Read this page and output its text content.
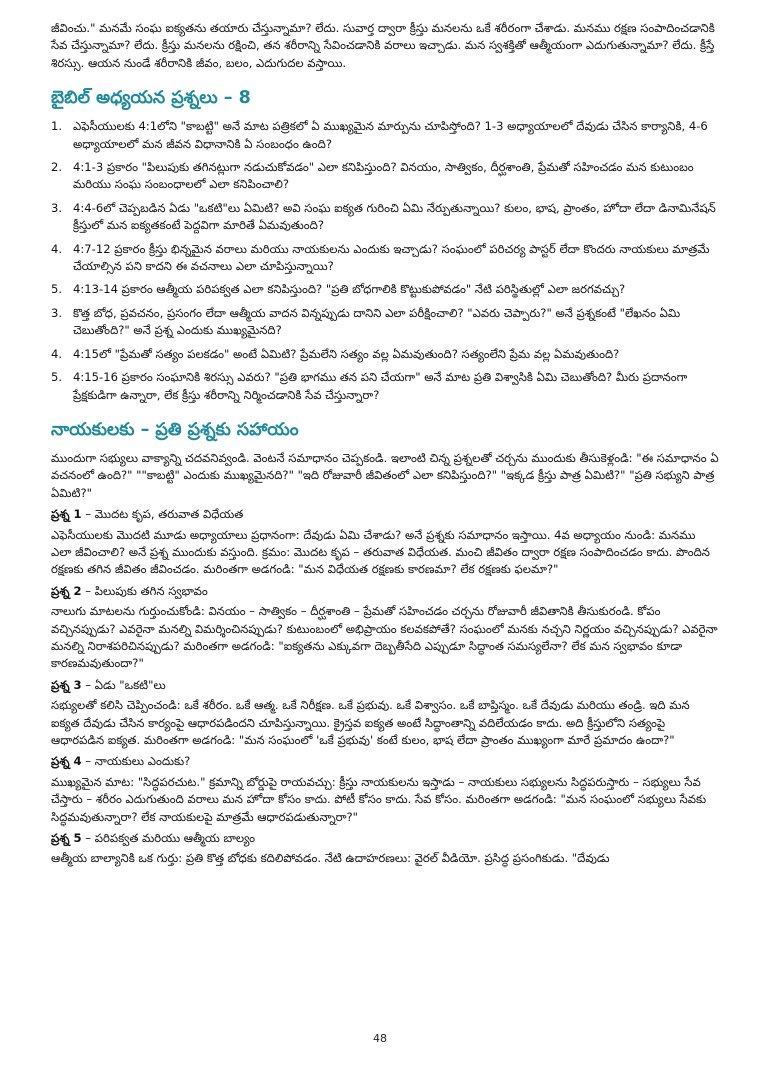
జీవించు." మనమే సంఘ ఐక్యతను తయారు చేస్తున్నామా? లేదు. సువార్త ద్వారా క్రీస్తు మనలను ఒకే శరీరంగా చేశాడు. మనము రక్షణ సంపాదించడానికి సేవ చేస్తున్నామా? లేదు. క్రీస్తు మనలను రక్షించి, తన శరీరాన్ని సేవించడానికి వరాలు ఇచ్చాడు. మన స్వశక్తితో ఆత్మీయంగా ఎదుగుతున్నామా? లేదు. క్రీస్తే శిరస్సు. ఆయన నుండే శరీరానికి జీవం, బలం, ఎదుగుదల వస్తాయి.

బైబిల్ అధ్యయన ప్రశ్నలు – 8
1. ఎఫెసీయులకు 4:1లోని "కాబట్టి" అనే మాట పత్రికలో ఏ ముఖ్యమైన మార్పును చూపిస్తోంది? 1-3 అధ్యాయాలలో దేవుడు చేసిన కార్యానికి, 4-6 అధ్యాయాలలో మన జీవన విధానానికి ఏ సంబంధం ఉంది?
2. 4:1-3 ప్రకారం "పిలుపుకు తగినట్లుగా నడుచుకోవడం" ఎలా కనిపిస్తుంది? వినయం, సాత్వికం, దీర్ఘశాంతి, ప్రేమతో సహించడం మన కుటుంబం మరియు సంఘ సంబంధాలలో ఎలా కనిపించాలి?
3. 4:4-6లో చెప్పబడిన ఏడు "ఒకటి"లు ఏమిటి? అవి సంఘ ఐక్యత గురించి ఏమి నేర్పుతున్నాయి? కులం, భాష, ప్రాంతం, హోదా లేదా డినామినేషన్ క్రీస్తులో మన ఐక్యతకంటే పెద్దవిగా మారితే ఏమవుతుంది?
4. 4:7-12 ప్రకారం క్రీస్తు భిన్నమైన వరాలు మరియు నాయకులను ఎందుకు ఇచ్చాడు? సంఘంలో పరిచర్య పాస్టర్ లేదా కొందరు నాయకులు మాత్రమే చేయాల్సిన పని కాదని ఈ వచనాలు ఎలా చూపిస్తున్నాయి?
5. 4:13-14 ప్రకారం ఆత్మీయ పరిపక్వత ఎలా కనిపిస్తుంది? "ప్రతి బోధగాలికి కొట్టుకుపోవడం" నేటి పరిస్థితుల్లో ఎలా జరగవచ్చు?
3. కొత్త బోధ, ప్రవచనం, ప్రసంగం లేదా ఆత్మీయ వాదన విన్నప్పుడు దానిని ఎలా పరీక్షించాలి? "ఎవరు చెప్పారు?" అనే ప్రశ్నకంటే "లేఖనం ఏమి చెబుతోంది?" అనే ప్రశ్న ఎందుకు ముఖ్యమైనది?
4. 4:15లో "ప్రేమతో సత్యం పలకడం" అంటే ఏమిటి? ప్రేమలేని సత్యం వల్ల ఏమవుతుంది? సత్యంలేని ప్రేమ వల్ల ఏమవుతుంది?
5. 4:15-16 ప్రకారం సంఘానికి శిరస్సు ఎవరు? "ప్రతి భాగము తన పని చేయగా" అనే మాట ప్రతి విశ్వాసికి ఏమి చెబుతోంది? మీరు ప్రదానంగా ప్రేక్షకుడిగా ఉన్నారా, లేక క్రీస్తు శరీరాన్ని నిర్మించడానికి సేవ చేస్తున్నారా?
నాయకులకు – ప్రతి ప్రశ్నకు సహాయం

ముందుగా సభ్యులు వాక్యాన్ని చదవనివ్వండి. వెంటనే సమాధానం చెప్పకండి. ఇలాంటి చిన్న ప్రశ్నలతో చర్చను ముందుకు తీసుకెళ్లండి: "ఈ సమాధానం ఏ వచనంలో ఉంది?" ""కాబట్టి" ఎందుకు ముఖ్యమైనది?" "ఇది రోజువారీ జీవితంలో ఎలా కనిపిస్తుంది?" "ఇక్కడ క్రీస్తు పాత్ర ఏమిటి?" "ప్రతి సభ్యుని పాత్ర ఏమిటి?"

ప్రశ్న 1 – మొదట కృప, తరువాత విధేయత

ఎఫెసీయులకు మొదటి మూడు అధ్యాయాలు ప్రధానంగా: దేవుడు ఏమి చేశాడు? అనే ప్రశ్నకు సమాధానం ఇస్తాయి. 4వ అధ్యాయం నుండి: మనము ఎలా జీవించాలి? అనే ప్రశ్న ముందుకు వస్తుంది. క్రమం: మొదట కృప – తరువాత విధేయత. మంచి జీవితం ద్వారా రక్షణ సంపాదించడం కాదు. పొందిన రక్షణకు తగిన జీవితం జీవించడం. మరింతగా అడగండి: "మన విధేయత రక్షణకు కారణమా? లేక రక్షణకు ఫలమా?"

ప్రశ్న 2 – పిలుపుకు తగిన స్వభావం

నాలుగు మాటలను గుర్తుంచుకోండి: వినయం – సాత్వికం – దీర్ఘశాంతి – ప్రేమతో సహించడం చర్చను రోజువారీ జీవితానికి తీసుకురండి. కోపం వచ్చినప్పుడు? ఎవరైనా మనల్ని విమర్శించినప్పుడు? కుటుంబంలో అభిప్రాయం కలవకపోతే? సంఘంలో మనకు నచ్చని నిర్ణయం వచ్చినప్పుడు? ఎవరైనా మనల్ని నిరాశపరిచినప్పుడు? మరింతగా అడగండి: "ఐక్యతను ఎక్కువగా దెబ్బతీసేది ఎప్పుడూ సిద్ధాంత సమస్యలేనా? లేక మన స్వభావం కూడా కారణమవుతుందా?"

ప్రశ్న 3 – ఏడు "ఒకటి"లు

సభ్యులతో కలిసి చెప్పించండి: ఒకే శరీరం. ఒకే ఆత్మ. ఒకే నిరీక్షణ. ఒకే ప్రభువు. ఒకే విశ్వాసం. ఒకే బాప్తిస్మం. ఒకే దేవుడు మరియు తండ్రి. ఇది మన ఐక్యత దేవుడు చేసిన కార్యంపై ఆధారపడిందని చూపిస్తున్నాయి. క్రైస్తవ ఐక్యత అంటే సిద్ధాంతాన్ని వదిలేయడం కాదు. అది క్రీస్తులోని సత్యంపై ఆధారపడిన ఐక్యత. మరింతగా అడగండి: "మన సంఘంలో 'ఒకే ప్రభువు' కంటే కులం, భాష లేదా ప్రాంతం ముఖ్యంగా మారే ప్రమాదం ఉందా?"

ప్రశ్న 4 – నాయకులు ఎందుకు?

ముఖ్యమైన మాట: "సిద్ధపరచుట." క్రమాన్ని బోర్డుపై రాయవచ్చు: క్రీస్తు నాయకులను ఇస్తాడు – నాయకులు సభ్యులను సిద్ధపరుస్తారు – సభ్యులు సేవ చేస్తారు – శరీరం ఎదుగుతుంది వరాలు మన హోదా కోసం కాదు. పోటీ కోసం కాదు. సేవ కోసం. మరింతగా అడగండి: "మన సంఘంలో సభ్యులు సేవకు సిద్ధమవుతున్నారా? లేక నాయకులపై మాత్రమే ఆధారపడుతున్నారా?"

ప్రశ్న 5 – పరిపక్వత మరియు ఆత్మీయ బాల్యం

ఆత్మీయ బాల్యానికి ఒక గుర్తు: ప్రతి కొత్త బోధకు కదిలిపోవడం. నేటి ఉదాహరణలు: వైరల్ వీడియో. ప్రసిద్ధ ప్రసంగికుడు. "దేవుడు

48
